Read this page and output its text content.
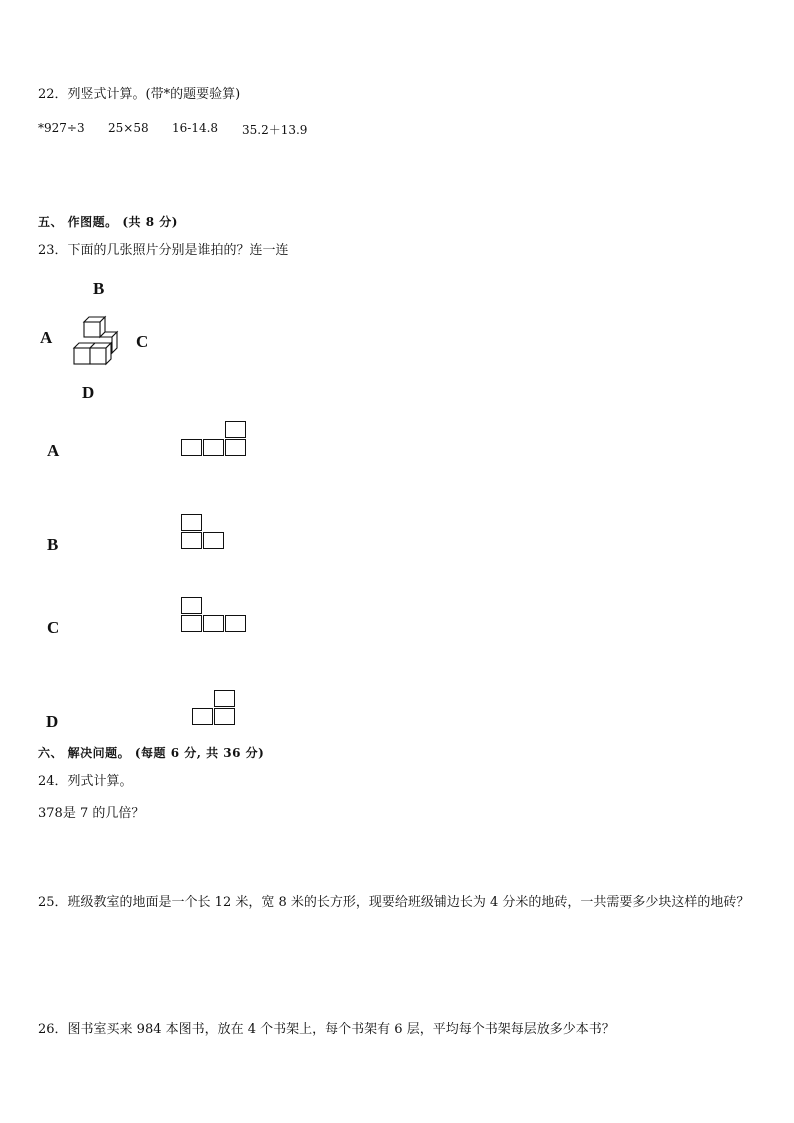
22．列竖式计算。(带*的题要验算)
*927÷3 25×58 16-14.8 35.2＋13.9
五、 作图题。 (共 8 分)
23．下面的几张照片分别是谁拍的？连一连
B
A	C
D
A
B
C
D
六、 解决问题。 (每题 6 分, 共 36 分)
24．列式计算。
378是 7 的几倍？
25．班级教室的地面是一个长 12 米，宽 8 米的长方形，现要给班级铺边长为 4 分米的地砖，一共需要多少块这样的地砖？
26．图书室买来 984 本图书，放在 4 个书架上，每个书架有 6 层，平均每个书架每层放多少本书？
